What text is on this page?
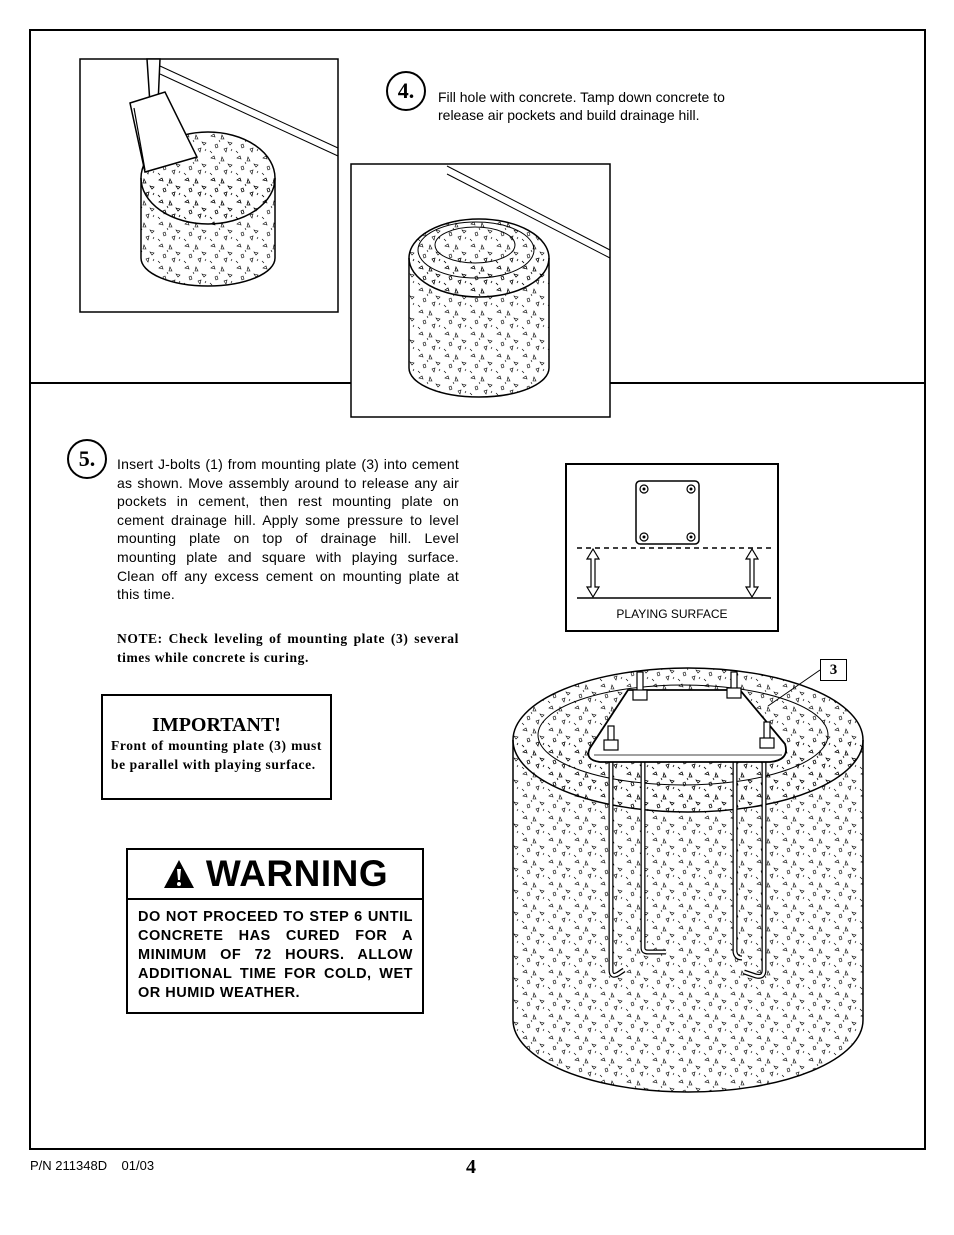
4.	Fill hole with concrete. Tamp down concrete to release air pockets and build drainage hill.
5.	Insert J-bolts (1) from mounting plate (3) into cement as shown. Move assembly around to release any air pockets in cement, then rest mounting plate on cement drainage hill. Apply some pressure to level mounting plate on top of drainage hill. Level mounting plate and square with playing surface. Clean off any excess cement on mounting plate at this time.
NOTE: Check leveling of mounting plate (3) several times while concrete is curing.
IMPORTANT!
Front of mounting plate (3) must be parallel with playing surface.
WARNING
DO NOT PROCEED TO STEP 6 UNTIL CONCRETE HAS CURED FOR A MINIMUM OF 72 HOURS. ALLOW ADDITIONAL TIME FOR COLD, WET OR HUMID WEATHER.
PLAYING SURFACE
3
P/N 211348D 01/03	4
